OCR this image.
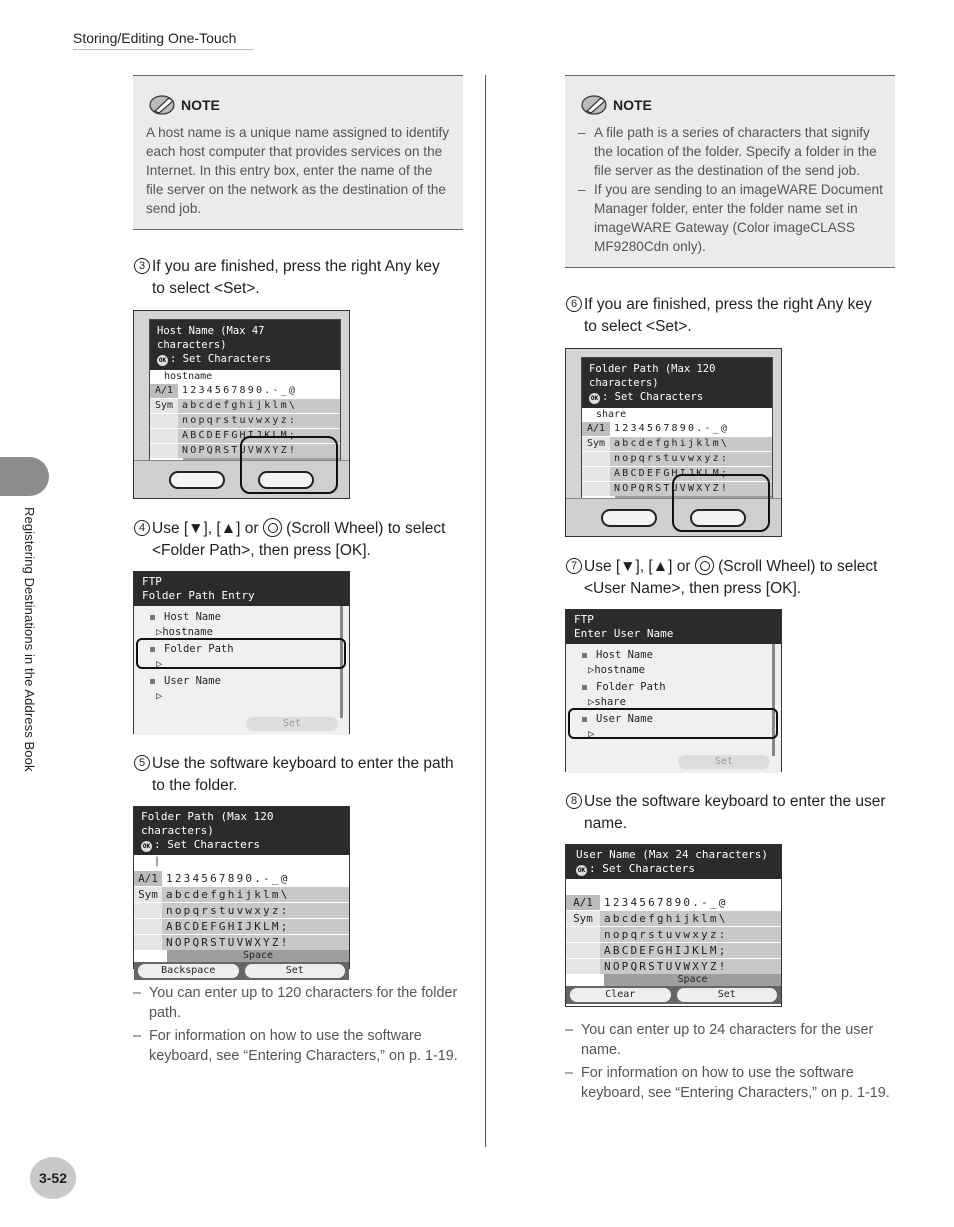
Storing/Editing One-Touch
Registering Destinations in the Address Book
3-52
NOTE
A host name is a unique name assigned to identify each host computer that provides services on the Internet. In this entry box, enter the name of the file server on the network as the destination of the send job.
3 If you are finished, press the right Any key to select <Set>.
Host Name (Max 47 characters)
OK : Set Characters
hostname
A/1 1234567890.-_@
Sym abcdefghijklm\
nopqrstuvwxyz:
ABCDEFGHIJKLM;
NOPQRSTUVWXYZ!
4 Use [▼], [▲] or (Scroll Wheel) to select <Folder Path>, then press [OK].
FTP
Folder Path Entry
Host Name
▷hostname
Folder Path
▷
User Name
▷
Set
5 Use the software keyboard to enter the path to the folder.
Folder Path (Max 120 characters)
OK : Set Characters
|
A/1 1234567890.-_@
Sym abcdefghijklm\
nopqrstuvwxyz:
ABCDEFGHIJKLM;
NOPQRSTUVWXYZ!
Space
Backspace	Set
– You can enter up to 120 characters for the folder path.
– For information on how to use the software keyboard, see “Entering Characters,” on p. 1-19.
NOTE
– A file path is a series of characters that signify the location of the folder. Specify a folder in the file server as the destination of the send job.
– If you are sending to an imageWARE Document Manager folder, enter the folder name set in imageWARE Gateway (Color imageCLASS MF9280Cdn only).
6 If you are finished, press the right Any key to select <Set>.
Folder Path (Max 120 characters)
OK : Set Characters
share
A/1 1234567890.-_@
Sym abcdefghijklm\
nopqrstuvwxyz:
ABCDEFGHIJKLM;
NOPQRSTUVWXYZ!
7 Use [▼], [▲] or (Scroll Wheel) to select <User Name>, then press [OK].
FTP
Enter User Name
Host Name
▷hostname
Folder Path
▷share
User Name
▷
Set
8 Use the software keyboard to enter the user name.
User Name (Max 24 characters)
OK : Set Characters
A/1	1234567890.-_@
Sym	abcdefghijklm\
nopqrstuvwxyz:
ABCDEFGHIJKLM;
NOPQRSTUVWXYZ!
Space
Clear	Set
– You can enter up to 24 characters for the user name.
– For information on how to use the software keyboard, see “Entering Characters,” on p. 1-19.
